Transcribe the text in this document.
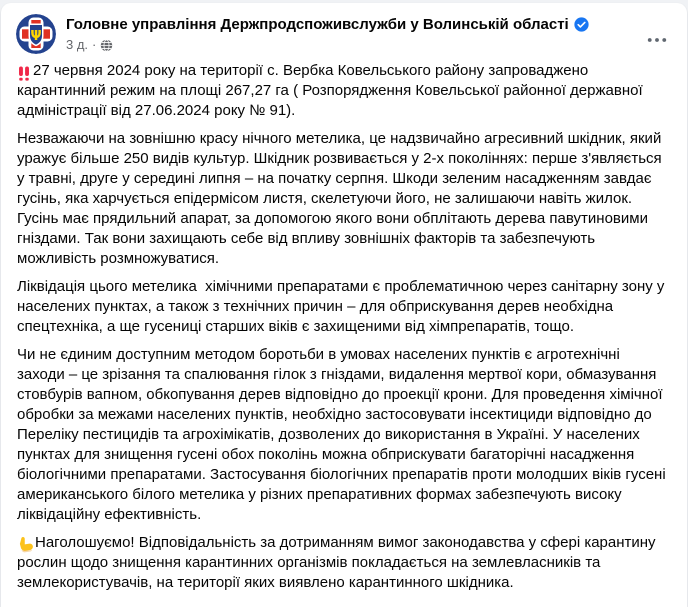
Ψ
Головне управління Держпродспоживслужби у Волинській області
3 д. ·

27 червня 2024 року на території с. Вербка Ковельського району запроваджено карантинний режим на площі 267,27 га ( Розпорядження Ковельської районної державної адміністрації від 27.06.2024 року № 91).

Незважаючи на зовнішню красу нічного метелика, це надзвичайно агресивний шкідник, який уражує більше 250 видів культур. Шкідник розвивається у 2-х поколіннях: перше з'являється у травні, друге у середині липня – на початку серпня. Шкоди зеленим насадженням завдає гусінь, яка харчується епідермісом листя, скелетуючи його, не залишаючи навіть жилок. Гусінь має прядильний апарат, за допомогою якого вони обплітають дерева павутиновими гніздами. Так вони захищають себе від впливу зовнішніх факторів та забезпечують можливість розмножуватися.

Ліквідація цього метелика  хімічними препаратами є проблематичною через санітарну зону у населених пунктах, а також з технічних причин – для обприскування дерев необхідна спецтехніка, а ще гусениці старших віків є захищеними від хімпрепаратів, тощо.

Чи не єдиним доступним методом боротьби в умовах населених пунктів є агротехнічні заходи – це зрізання та спалювання гілок з гніздами, видалення мертвої кори, обмазування стовбурів вапном, обкопування дерев відповідно до проекції крони. Для проведення хімічної обробки за межами населених пунктів, необхідно застосовувати інсектициди відповідно до Переліку пестицидів та агрохімікатів, дозволених до використання в Україні. У населених пунктах для знищення гусені обох поколінь можна обприскувати багаторічні насадження біологічними препаратами. Застосування біологічних препаратів проти молодших віків гусені американського білого метелика у різних препаративних формах забезпечують високу ліквідаційну ефективність.

Наголошуємо! Відповідальність за дотриманням вимог законодавства у сфері карантину рослин щодо знищення карантинних організмів покладається на землевласників та землекористувачів, на території яких виявлено карантинного шкідника.
